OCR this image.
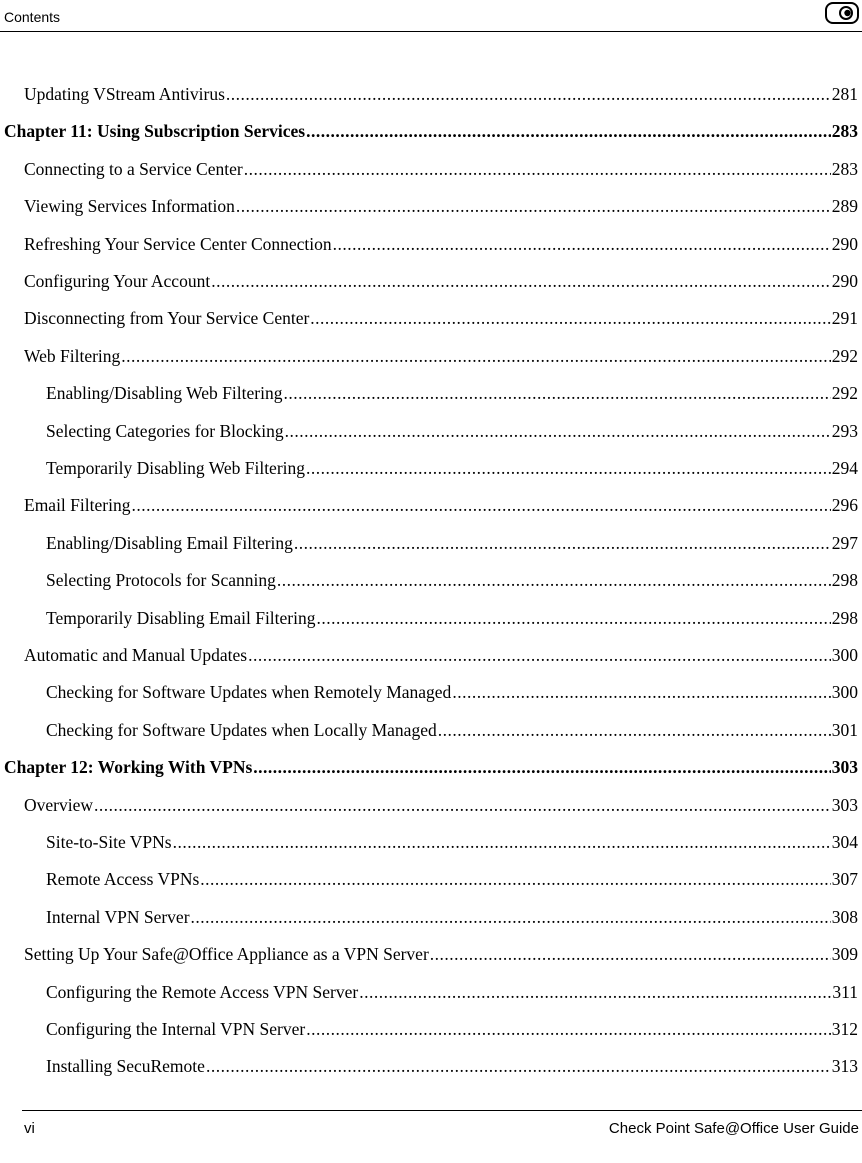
Contents
Updating VStream Antivirus .....	281
Chapter 11: Using Subscription Services .....	283
Connecting to a Service Center .....	283
Viewing Services Information .....	289
Refreshing Your Service Center Connection .....	290
Configuring Your Account .....	290
Disconnecting from Your Service Center .....	291
Web Filtering .....	292
Enabling/Disabling Web Filtering .....	292
Selecting Categories for Blocking .....	293
Temporarily Disabling Web Filtering .....	294
Email Filtering .....	296
Enabling/Disabling Email Filtering .....	297
Selecting Protocols for Scanning .....	298
Temporarily Disabling Email Filtering .....	298
Automatic and Manual Updates .....	300
Checking for Software Updates when Remotely Managed .....	300
Checking for Software Updates when Locally Managed .....	301
Chapter 12: Working With VPNs .....	303
Overview .....	303
Site-to-Site VPNs .....	304
Remote Access VPNs .....	307
Internal VPN Server .....	308
Setting Up Your Safe@Office Appliance as a VPN Server .....	309
Configuring the Remote Access VPN Server .....	311
Configuring the Internal VPN Server .....	312
Installing SecuRemote .....	313
vi	Check Point Safe@Office User Guide
